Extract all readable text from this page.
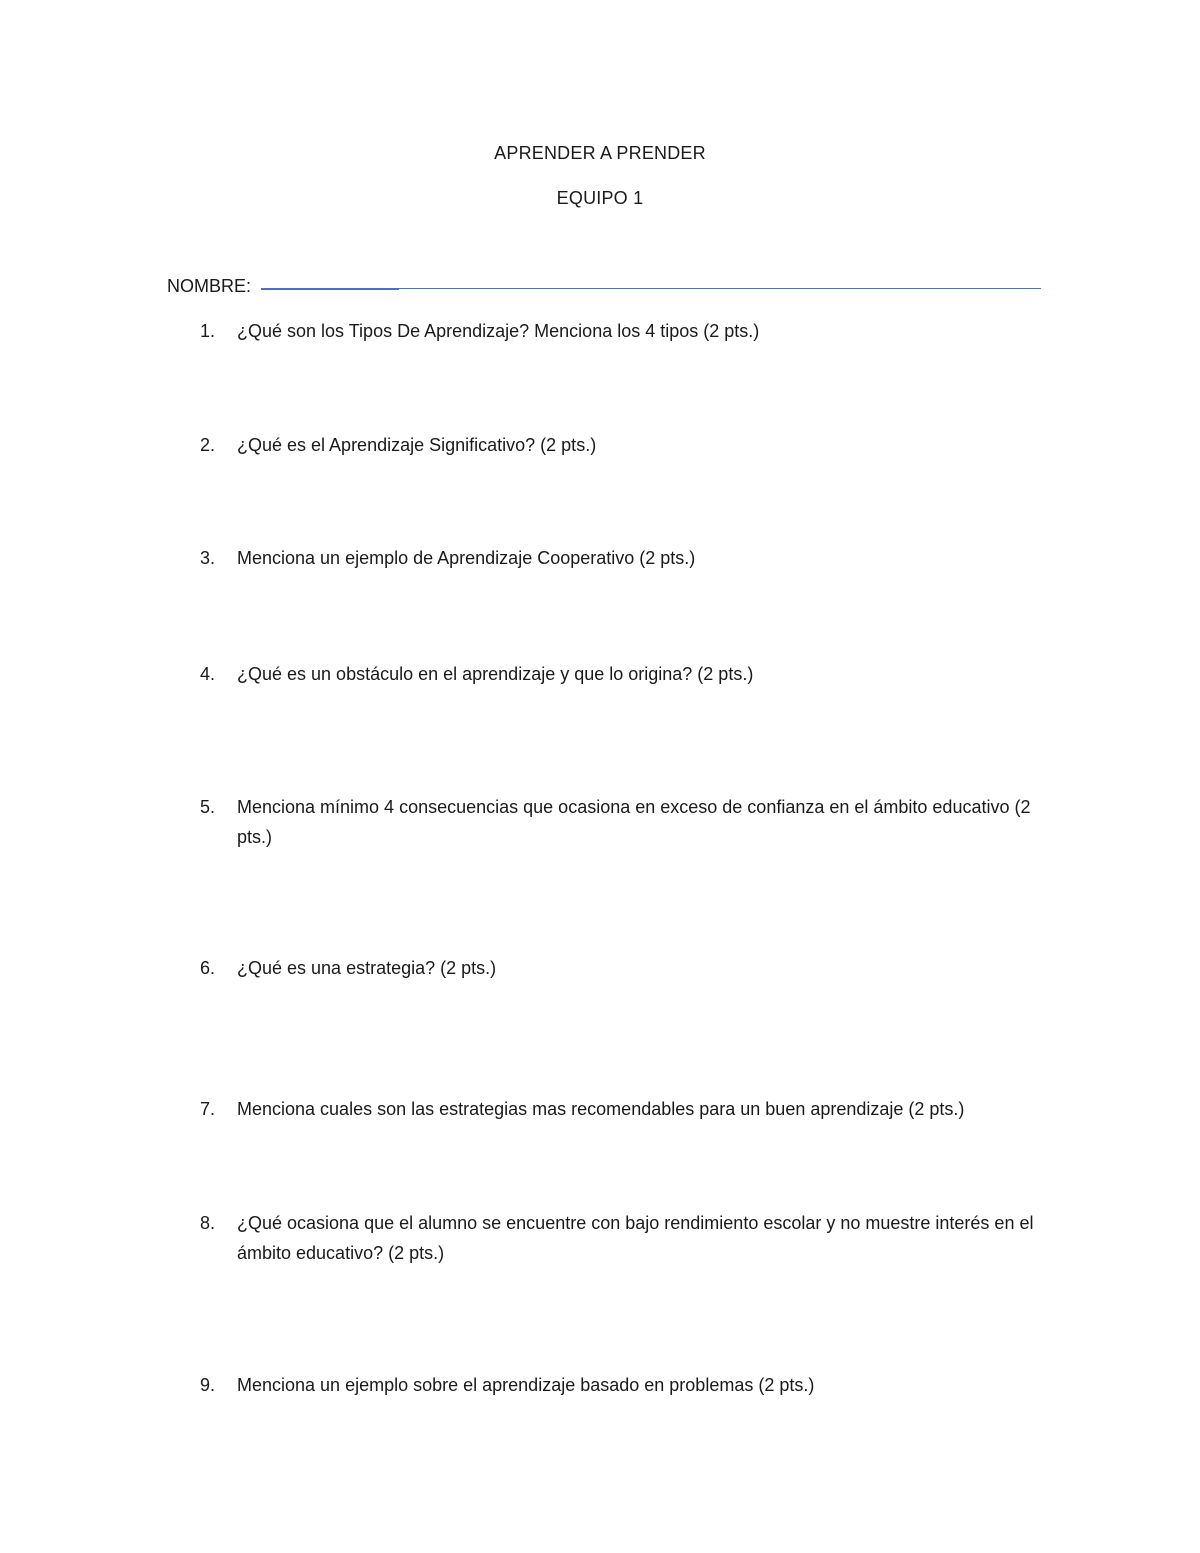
APRENDER A PRENDER
EQUIPO 1
NOMBRE:
1.	¿Qué son los Tipos De Aprendizaje? Menciona los 4 tipos (2 pts.)
2.	¿Qué es el Aprendizaje Significativo? (2 pts.)
3.	Menciona un ejemplo de Aprendizaje Cooperativo (2 pts.)
4.	¿Qué es un obstáculo en el aprendizaje y que lo origina? (2 pts.)
5.	Menciona mínimo 4 consecuencias que ocasiona en exceso de confianza en el ámbito educativo (2 pts.)
6.	¿Qué es una estrategia? (2 pts.)
7.	Menciona cuales son las estrategias mas recomendables para un buen aprendizaje (2 pts.)
8.	¿Qué ocasiona que el alumno se encuentre con bajo rendimiento escolar y no muestre interés en el ámbito educativo? (2 pts.)
9.	Menciona un ejemplo sobre el aprendizaje basado en problemas (2 pts.)
